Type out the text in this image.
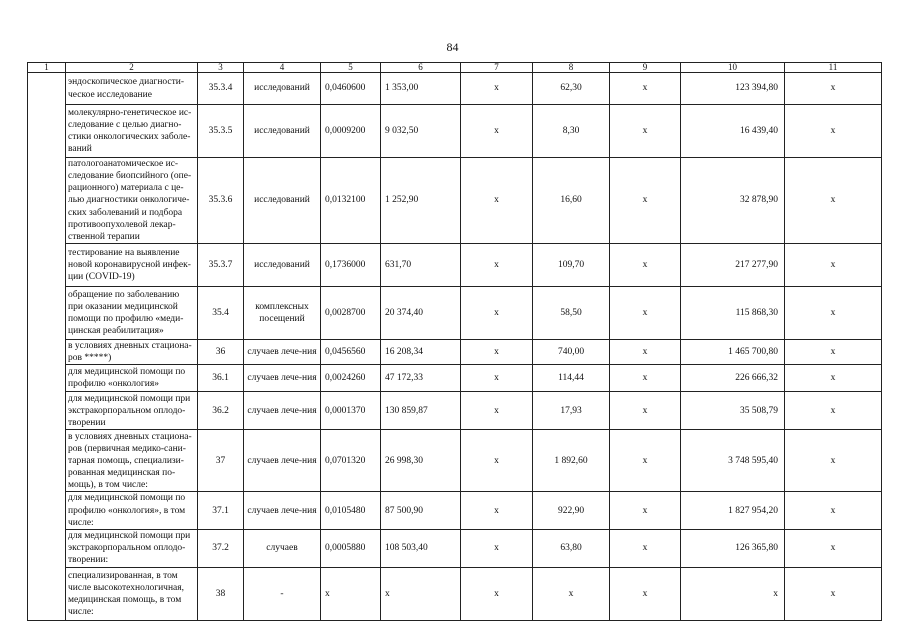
84
1	2	3	4	5	6	7	8	9	10	11
	эндоскопическое диагности-ческое исследование	35.3.4	исследований	0,0460600	1 353,00	х	62,30	х	123 394,80	х
	молекулярно-генетическое ис-следование с целью диагно-стики онкологических заболе-ваний	35.3.5	исследований	0,0009200	9 032,50	х	8,30	х	16 439,40	х
	патологоанатомическое ис-следование биопсийного (опе-рационного) материала с це-лью диагностики онкологиче-ских заболеваний и подбора противоопухолевой лекар-ственной терапии	35.3.6	исследований	0,0132100	1 252,90	х	16,60	х	32 878,90	х
	тестирование на выявление новой коронавирусной инфек-ции (COVID-19)	35.3.7	исследований	0,1736000	631,70	х	109,70	х	217 277,90	х
	обращение по заболеванию при оказании медицинской помощи по профилю «меди-цинская реабилитация»	35.4	комплексных посещений	0,0028700	20 374,40	х	58,50	х	115 868,30	х
	в условиях дневных стациона-ров *****)	36	случаев лече-ния	0,0456560	16 208,34	х	740,00	х	1 465 700,80	х
	для медицинской помощи по профилю «онкология»	36.1	случаев лече-ния	0,0024260	47 172,33	х	114,44	х	226 666,32	х
	для медицинской помощи при экстракорпоральном оплодо-творении	36.2	случаев лече-ния	0,0001370	130 859,87	х	17,93	х	35 508,79	х
	в условиях дневных стациона-ров (первичная медико-сани-тарная помощь, специализи-рованная медицинская по-мощь), в том числе:	37	случаев лече-ния	0,0701320	26 998,30	х	1 892,60	х	3 748 595,40	х
	для медицинской помощи по профилю «онкология», в том числе:	37.1	случаев лече-ния	0,0105480	87 500,90	х	922,90	х	1 827 954,20	х
	для медицинской помощи при экстракорпоральном оплодо-творении:	37.2	случаев	0,0005880	108 503,40	х	63,80	х	126 365,80	х
	специализированная, в том числе высокотехнологичная, медицинская помощь, в том числе:	38	-	х	х	х	х	х	х	х
